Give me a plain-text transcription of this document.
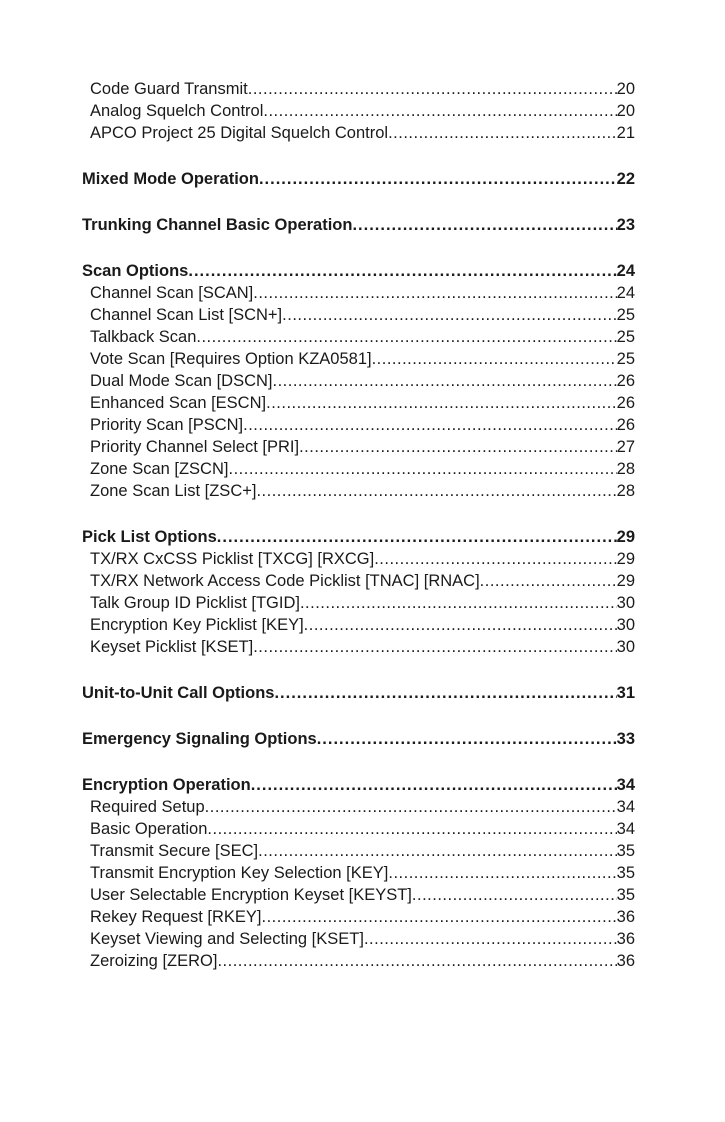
Code Guard Transmit .....	20
Analog Squelch Control .....	20
APCO Project 25 Digital Squelch Control .....	21
Mixed Mode Operation .....	22
Trunking Channel Basic Operation .....	23
Scan Options .....	24
Channel Scan [SCAN] .....	24
Channel Scan List [SCN+] .....	25
Talkback Scan .....	25
Vote Scan [Requires Option KZA0581] .....	25
Dual Mode Scan [DSCN] .....	26
Enhanced Scan [ESCN] .....	26
Priority Scan [PSCN] .....	26
Priority Channel Select [PRI] .....	27
Zone Scan [ZSCN] .....	28
Zone Scan List [ZSC+] .....	28
Pick List Options .....	29
TX/RX CxCSS Picklist [TXCG] [RXCG] .....	29
TX/RX Network Access Code Picklist [TNAC] [RNAC] .....	29
Talk Group ID Picklist [TGID] .....	30
Encryption Key Picklist [KEY] .....	30
Keyset Picklist [KSET] .....	30
Unit-to-Unit Call Options .....	31
Emergency Signaling Options .....	33
Encryption Operation .....	34
Required Setup .....	34
Basic Operation .....	34
Transmit Secure [SEC] .....	35
Transmit Encryption Key Selection [KEY] .....	35
User Selectable Encryption Keyset [KEYST] .....	35
Rekey Request [RKEY] .....	36
Keyset Viewing and Selecting [KSET] .....	36
Zeroizing [ZERO] .....	36
